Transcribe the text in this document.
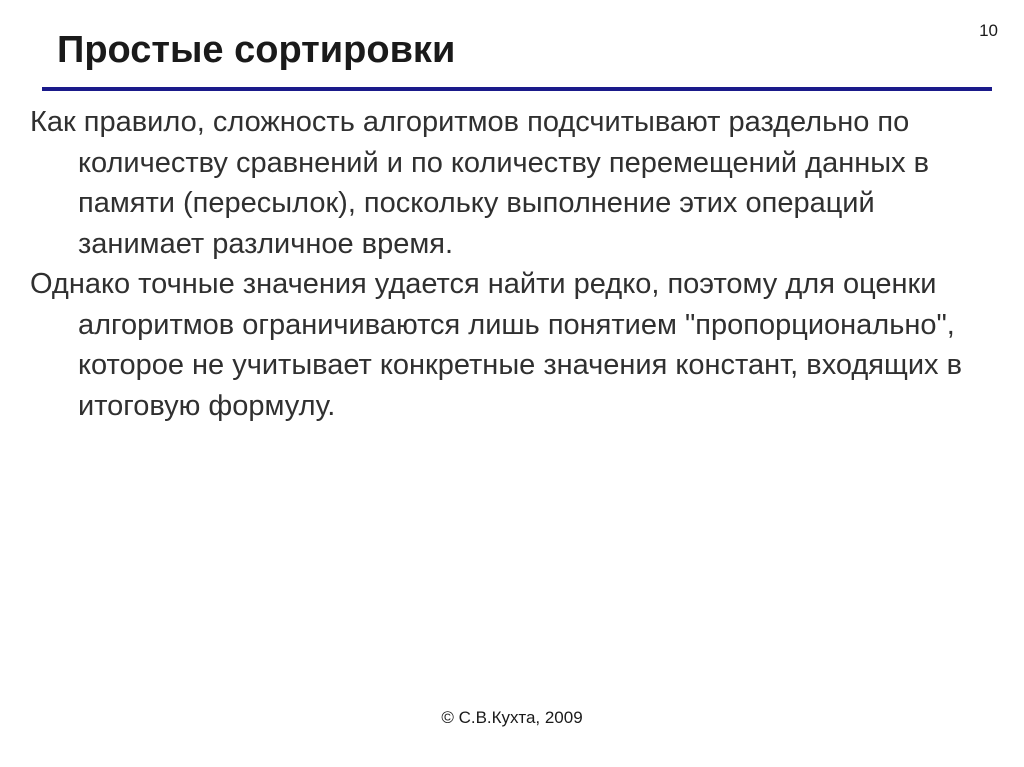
10
Простые сортировки

Как правило, сложность алгоритмов подсчитывают раздельно по количеству сравнений и по количеству перемещений данных в памяти (пересылок), поскольку выполнение этих операций занимает различное время.

Однако точные значения удается найти редко, поэтому для оценки алгоритмов ограничиваются лишь понятием "пропорционально", которое не учитывает конкретные значения констант, входящих в итоговую формулу.

© С.В.Кухта, 2009
